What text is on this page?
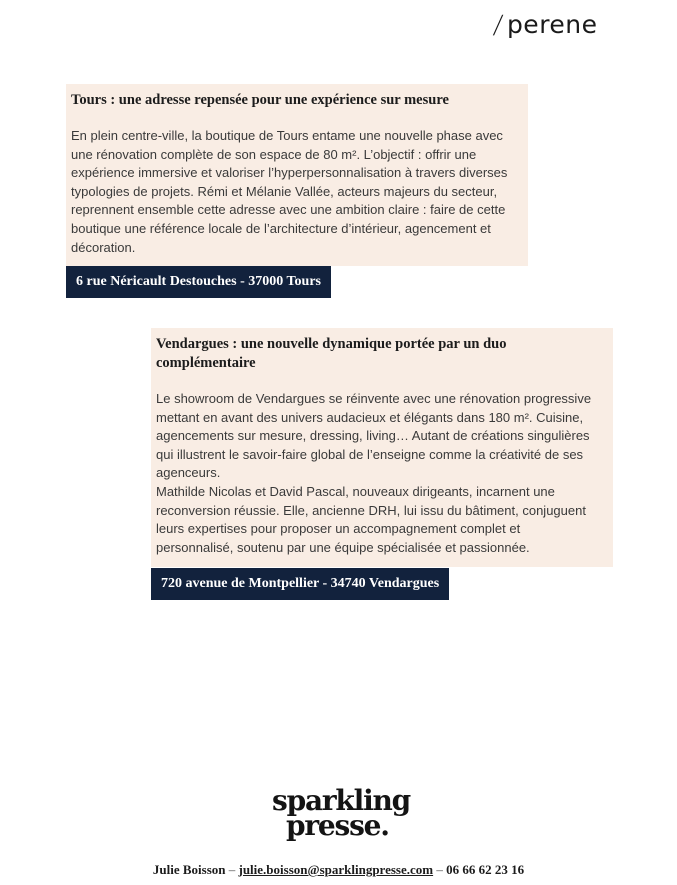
/perene
Tours : une adresse repensée pour une expérience sur mesure
En plein centre-ville, la boutique de Tours entame une nouvelle phase avec
une rénovation complète de son espace de 80 m². L’objectif : offrir une
expérience immersive et valoriser l’hyperpersonnalisation à travers diverses
typologies de projets. Rémi et Mélanie Vallée, acteurs majeurs du secteur,
reprennent ensemble cette adresse avec une ambition claire : faire de cette
boutique une référence locale de l’architecture d’intérieur, agencement et
décoration.
6 rue Néricault Destouches - 37000 Tours
Vendargues : une nouvelle dynamique portée par un duo
complémentaire
Le showroom de Vendargues se réinvente avec une rénovation progressive
mettant en avant des univers audacieux et élégants dans 180 m². Cuisine,
agencements sur mesure, dressing, living… Autant de créations singulières
qui illustrent le savoir-faire global de l’enseigne comme la créativité de ses
agenceurs.
Mathilde Nicolas et David Pascal, nouveaux dirigeants, incarnent une
reconversion réussie. Elle, ancienne DRH, lui issu du bâtiment, conjuguent
leurs expertises pour proposer un accompagnement complet et
personnalisé, soutenu par une équipe spécialisée et passionnée.
720 avenue de Montpellier - 34740 Vendargues
sparkling
presse.
Julie Boisson – julie.boisson@sparklingpresse.com – 06 66 62 23 16
